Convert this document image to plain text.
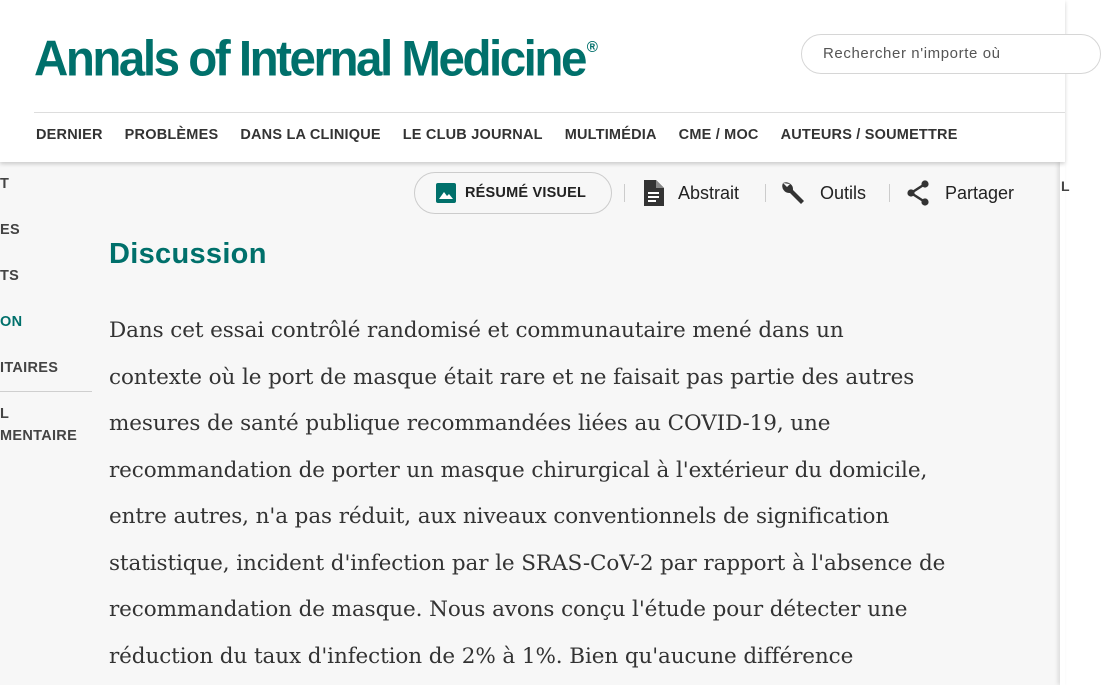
Annals of Internal Medicine ®	Rechercher n'importe où
DERNIER PROBLÈMES DANS LA CLINIQUE LE CLUB JOURNAL MULTIMÉDIA CME / MOC AUTEURS / SOUMETTRE
T
ES
TS
ON
ITAIRES
L
MENTAIRE
L
RÉSUMÉ VISUEL	Abstrait	Outils	Partager
Discussion
Dans cet essai contrôlé randomisé et communautaire mené dans un
contexte où le port de masque était rare et ne faisait pas partie des autres
mesures de santé publique recommandées liées au COVID-19, une
recommandation de porter un masque chirurgical à l'extérieur du domicile,
entre autres, n'a pas réduit, aux niveaux conventionnels de signification
statistique, incident d'infection par le SRAS-CoV-2 par rapport à l'absence de
recommandation de masque. Nous avons conçu l'étude pour détecter une
réduction du taux d'infection de 2% à 1%. Bien qu'aucune différence
